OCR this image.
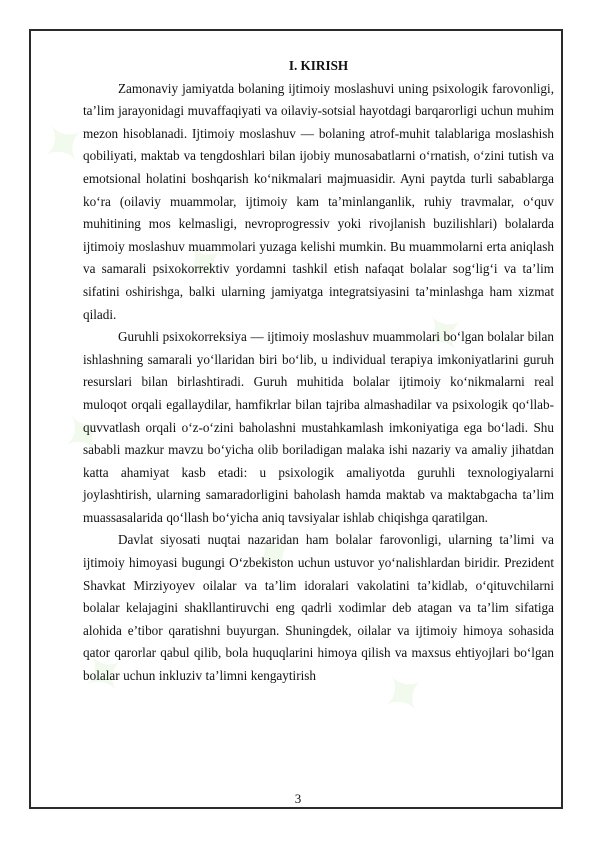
✦
✦
✦
✦
✦
✦	✦

I. KIRISH

Zamonaviy jamiyatda bolaning ijtimoiy moslashuvi uning psixologik farovonligi, ta’lim jarayonidagi muvaffaqiyati va oilaviy-sotsial hayotdagi barqarorligi uchun muhim mezon hisoblanadi. Ijtimoiy moslashuv — bolaning atrof-muhit talablariga moslashish qobiliyati, maktab va tengdoshlari bilan ijobiy munosabatlarni o‘rnatish, o‘zini tutish va emotsional holatini boshqarish ko‘nikmalari majmuasidir. Ayni paytda turli sabablarga ko‘ra (oilaviy muammolar, ijtimoiy kam ta’minlanganlik, ruhiy travmalar, o‘quv muhitining mos kelmasligi, nevroprogressiv yoki rivojlanish buzilishlari) bolalarda ijtimoiy moslashuv muammolari yuzaga kelishi mumkin. Bu muammolarni erta aniqlash va samarali psixokorrektiv yordamni tashkil etish nafaqat bolalar sog‘lig‘i va ta’lim sifatini oshirishga, balki ularning jamiyatga integratsiyasini ta’minlashga ham xizmat qiladi.

Guruhli psixokorreksiya — ijtimoiy moslashuv muammolari bo‘lgan bolalar bilan ishlashning samarali yo‘llaridan biri bo‘lib, u individual terapiya imkoniyatlarini guruh resurslari bilan birlashtiradi. Guruh muhitida bolalar ijtimoiy ko‘nikmalarni real muloqot orqali egallaydilar, hamfikrlar bilan tajriba almashadilar va psixologik qo‘llab-quvvatlash orqali o‘z-o‘zini baholashni mustahkamlash imkoniyatiga ega bo‘ladi. Shu sababli mazkur mavzu bo‘yicha olib boriladigan malaka ishi nazariy va amaliy jihatdan katta ahamiyat kasb etadi: u psixologik amaliyotda guruhli texnologiyalarni joylashtirish, ularning samaradorligini baholash hamda maktab va maktabgacha ta’lim muassasalarida qo‘llash bo‘yicha aniq tavsiyalar ishlab chiqishga qaratilgan.

Davlat siyosati nuqtai nazaridan ham bolalar farovonligi, ularning ta’limi va ijtimoiy himoyasi bugungi O‘zbekiston uchun ustuvor yo‘nalishlardan biridir. Prezident Shavkat Mirziyoyev oilalar va ta’lim idoralari vakolatini ta’kidlab, o‘qituvchilarni bolalar kelajagini shakllantiruvchi eng qadrli xodimlar deb atagan va ta’lim sifatiga alohida e’tibor qaratishni buyurgan. Shuningdek, oilalar va ijtimoiy himoya sohasida qator qarorlar qabul qilib, bola huquqlarini himoya qilish va maxsus ehtiyojlari bo‘lgan bolalar uchun inkluziv ta’limni kengaytirish

3
